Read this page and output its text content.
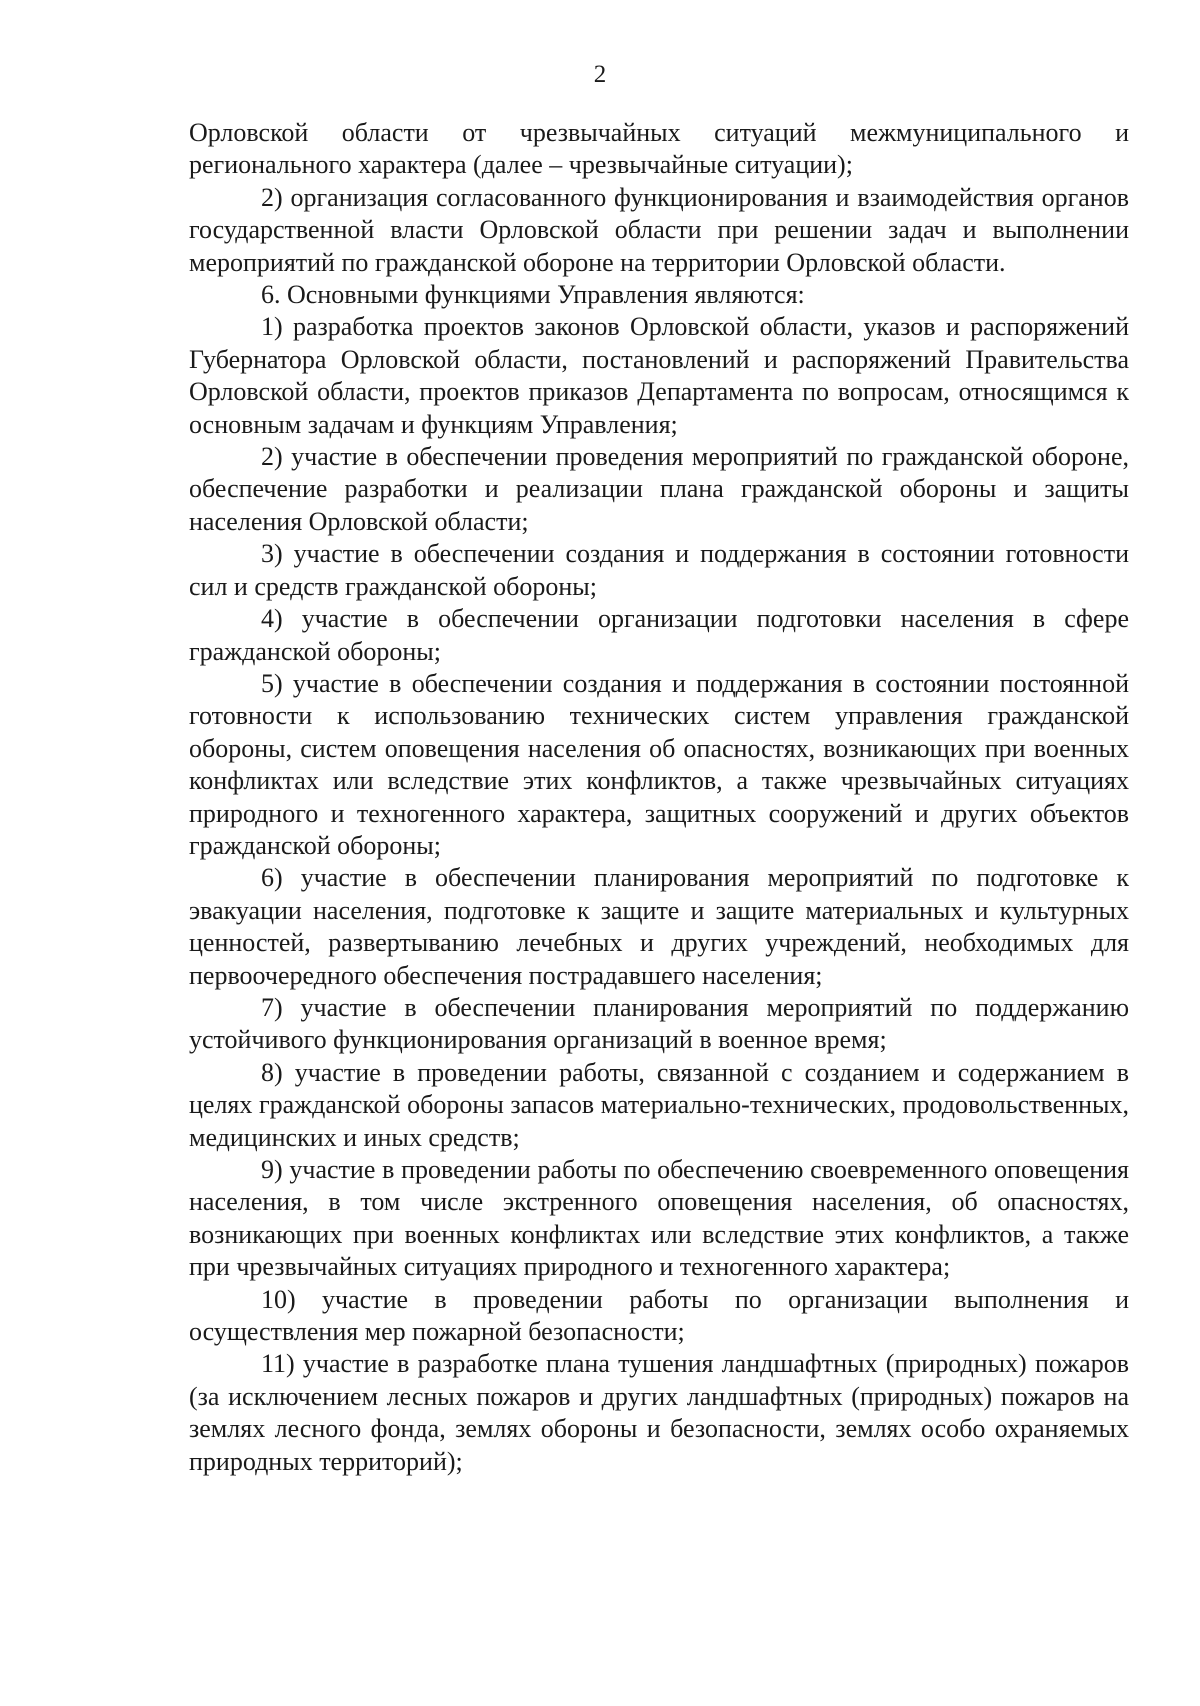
2

Орловской области от чрезвычайных ситуаций межмуниципального и регионального характера (далее – чрезвычайные ситуации);

2) организация согласованного функционирования и взаимодействия органов государственной власти Орловской области при решении задач и выполнении мероприятий по гражданской обороне на территории Орловской области.

6. Основными функциями Управления являются:

1) разработка проектов законов Орловской области, указов и распоряжений Губернатора Орловской области, постановлений и распоряжений Правительства Орловской области, проектов приказов Департамента по вопросам, относящимся к основным задачам и функциям Управления;

2) участие в обеспечении проведения мероприятий по гражданской обороне, обеспечение разработки и реализации плана гражданской обороны и защиты населения Орловской области;

3) участие в обеспечении создания и поддержания в состоянии готовности сил и средств гражданской обороны;

4) участие в обеспечении организации подготовки населения в сфере гражданской обороны;

5) участие в обеспечении создания и поддержания в состоянии постоянной готовности к использованию технических систем управления гражданской обороны, систем оповещения населения об опасностях, возникающих при военных конфликтах или вследствие этих конфликтов, а также чрезвычайных ситуациях природного и техногенного характера, защитных сооружений и других объектов гражданской обороны;

6) участие в обеспечении планирования мероприятий по подготовке к эвакуации населения, подготовке к защите и защите материальных и культурных ценностей, развертыванию лечебных и других учреждений, необходимых для первоочередного обеспечения пострадавшего населения;

7) участие в обеспечении планирования мероприятий по поддержанию устойчивого функционирования организаций в военное время;

8) участие в проведении работы, связанной с созданием и содержанием в целях гражданской обороны запасов материально-технических, продовольственных, медицинских и иных средств;

9) участие в проведении работы по обеспечению своевременного оповещения населения, в том числе экстренного оповещения населения, об опасностях, возникающих при военных конфликтах или вследствие этих конфликтов, а также при чрезвычайных ситуациях природного и техногенного характера;

10) участие в проведении работы по организации выполнения и осуществления мер пожарной безопасности;

11) участие в разработке плана тушения ландшафтных (природных) пожаров (за исключением лесных пожаров и других ландшафтных (природных) пожаров на землях лесного фонда, землях обороны и безопасности, землях особо охраняемых природных территорий);
